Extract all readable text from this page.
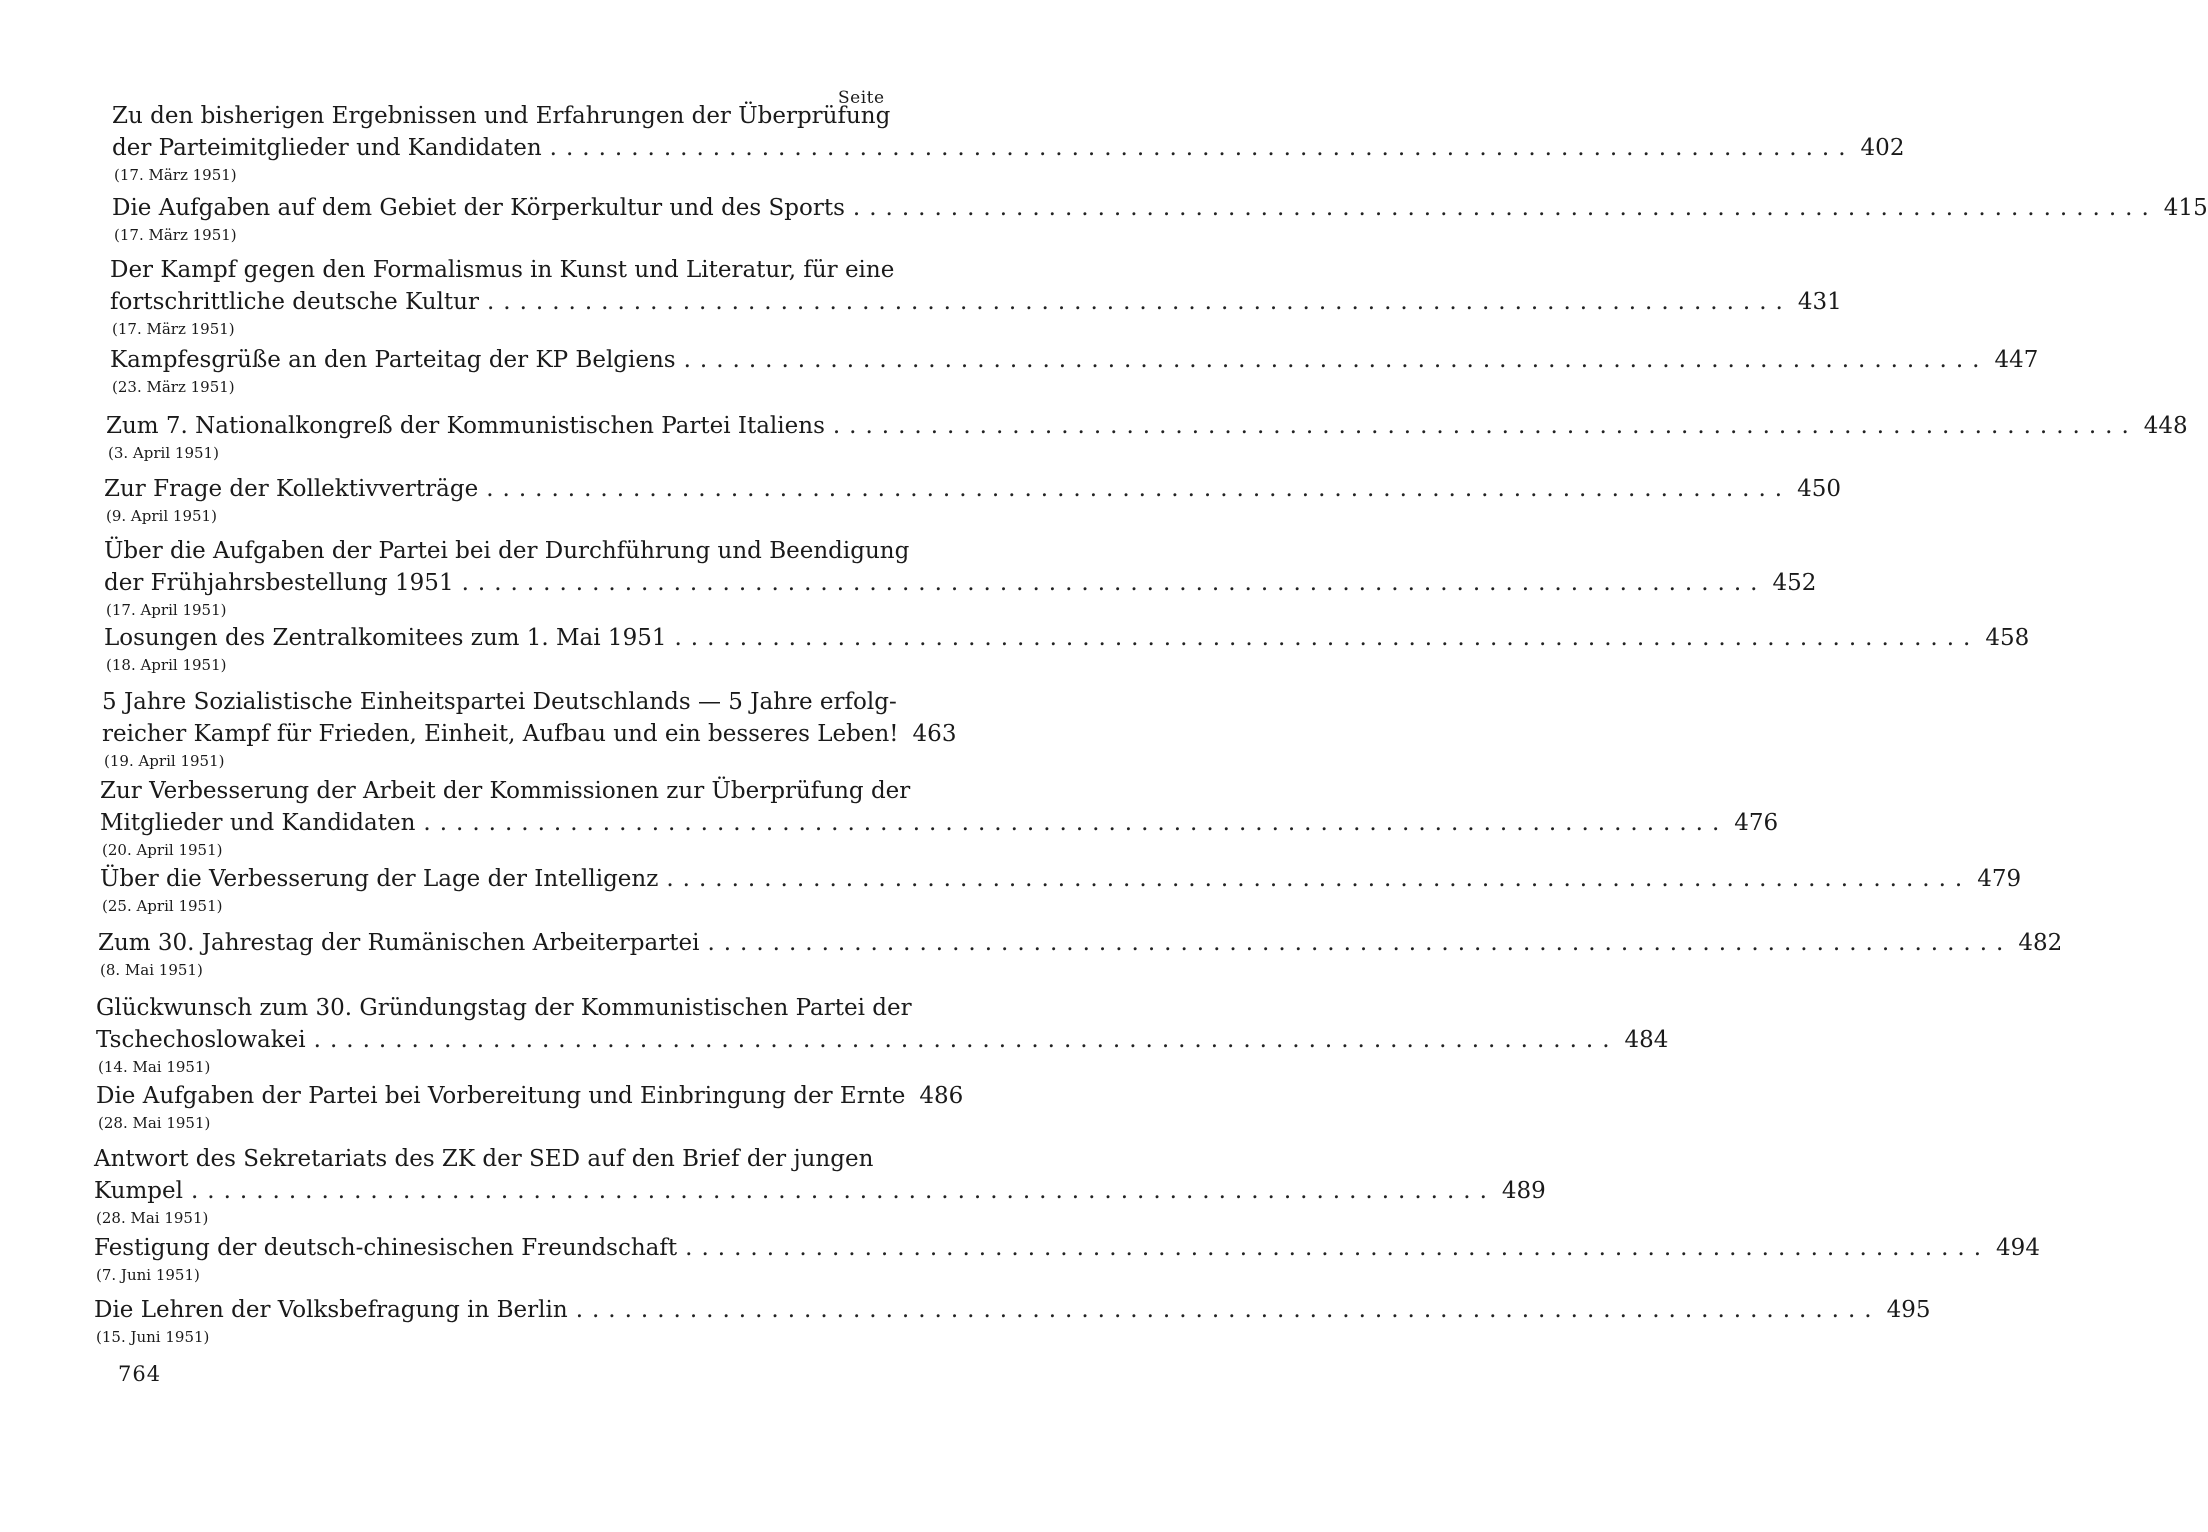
Seite
Zu den bisherigen Ergebnissen und Erfahrungen der Überprüfung
der Parteimitglieder und Kandidaten ................................................................................ 402
(17. März 1951)
Die Aufgaben auf dem Gebiet der Körperkultur und des Sports ................................................................................ 415
(17. März 1951)
Der Kampf gegen den Formalismus in Kunst und Literatur, für eine
fortschrittliche deutsche Kultur ................................................................................ 431
(17. März 1951)
Kampfesgrüße an den Parteitag der KP Belgiens ................................................................................ 447
(23. März 1951)
Zum 7. Nationalkongreß der Kommunistischen Partei Italiens ................................................................................ 448
(3. April 1951)
Zur Frage der Kollektivverträge ................................................................................ 450
(9. April 1951)
Über die Aufgaben der Partei bei der Durchführung und Beendigung
der Frühjahrsbestellung 1951 ................................................................................ 452
(17. April 1951)
Losungen des Zentralkomitees zum 1. Mai 1951 ................................................................................ 458
(18. April 1951)
5 Jahre Sozialistische Einheitspartei Deutschlands — 5 Jahre erfolg-
reicher Kampf für Frieden, Einheit, Aufbau und ein besseres Leben! 463
(19. April 1951)
Zur Verbesserung der Arbeit der Kommissionen zur Überprüfung der
Mitglieder und Kandidaten ................................................................................ 476
(20. April 1951)
Über die Verbesserung der Lage der Intelligenz ................................................................................ 479
(25. April 1951)
Zum 30. Jahrestag der Rumänischen Arbeiterpartei ................................................................................ 482
(8. Mai 1951)
Glückwunsch zum 30. Gründungstag der Kommunistischen Partei der
Tschechoslowakei ................................................................................ 484
(14. Mai 1951)
Die Aufgaben der Partei bei Vorbereitung und Einbringung der Ernte 486
(28. Mai 1951)
Antwort des Sekretariats des ZK der SED auf den Brief der jungen
Kumpel ................................................................................ 489
(28. Mai 1951)
Festigung der deutsch-chinesischen Freundschaft ................................................................................ 494
(7. Juni 1951)
Die Lehren der Volksbefragung in Berlin ................................................................................ 495
(15. Juni 1951)
764
